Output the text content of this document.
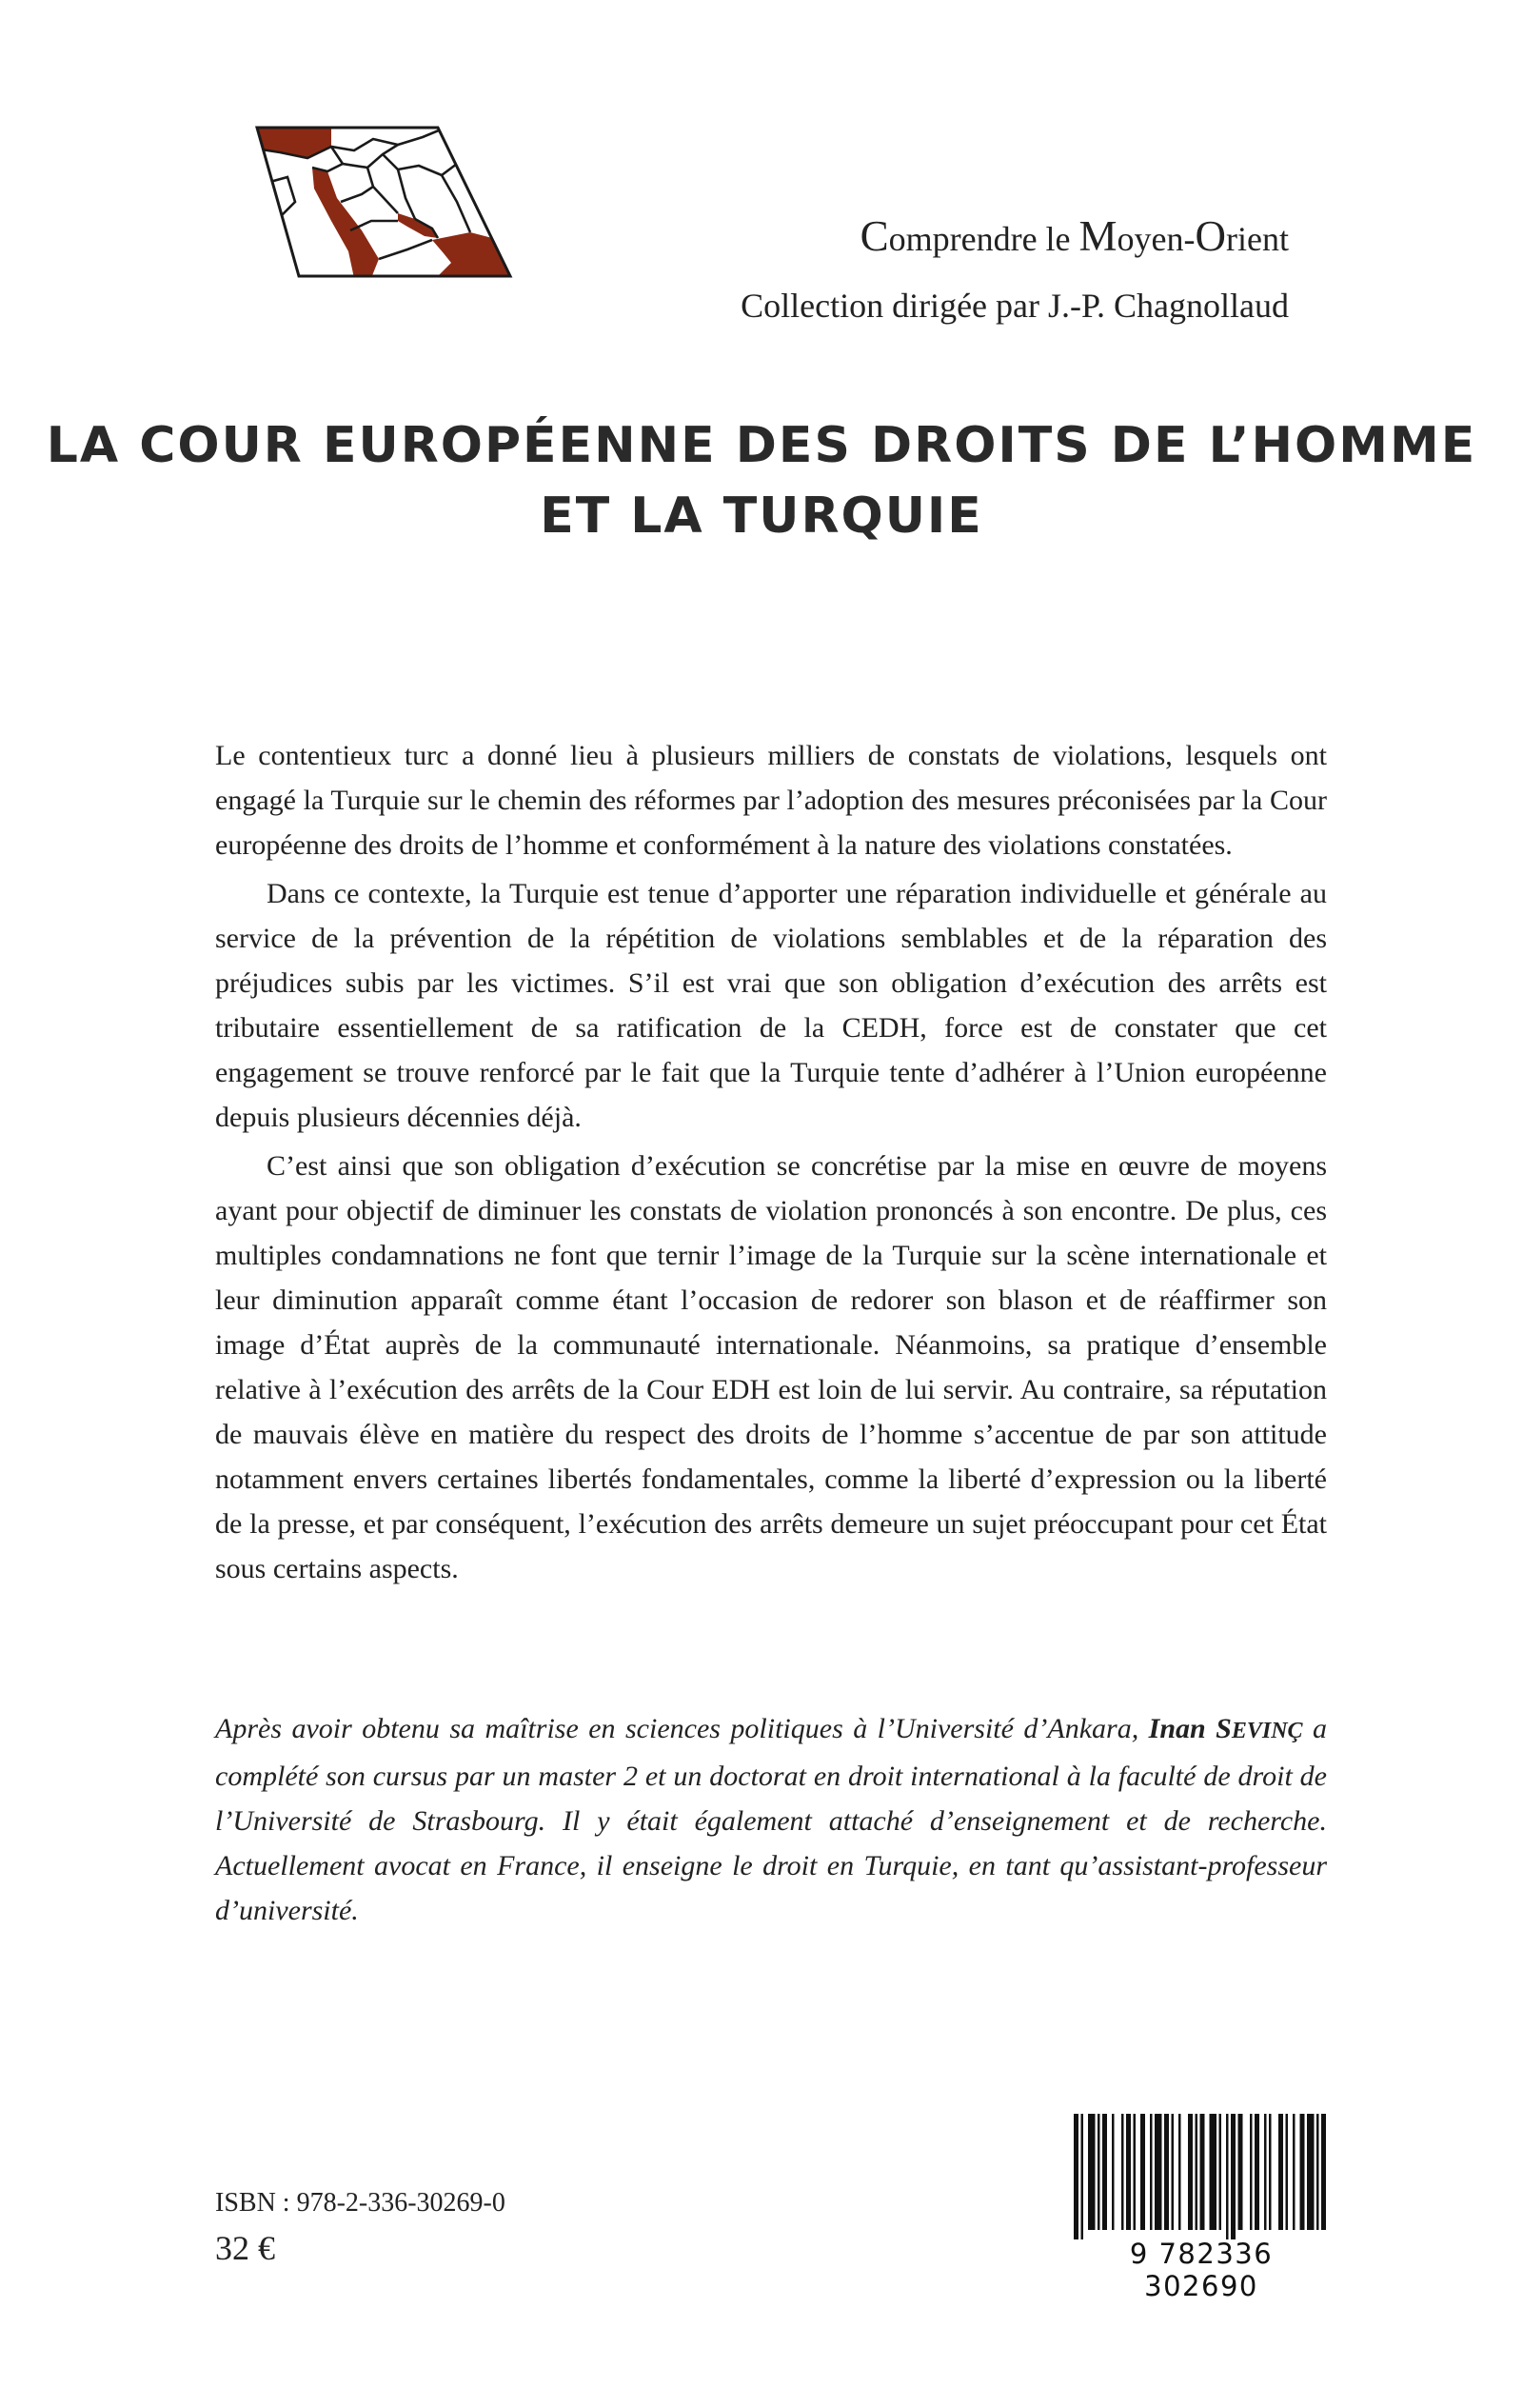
Comprendre le Moyen-Orient
Collection dirigée par J.-P. Chagnollaud
LA COUR EUROPÉENNE DES DROITS DE L’HOMME
ET LA TURQUIE

Le contentieux turc a donné lieu à plusieurs milliers de constats de violations, lesquels ont engagé la Turquie sur le chemin des réformes par l’adoption des mesures préconisées par la Cour européenne des droits de l’homme et conformément à la nature des violations constatées.

Dans ce contexte, la Turquie est tenue d’apporter une réparation individuelle et générale au service de la prévention de la répétition de violations semblables et de la réparation des préjudices subis par les victimes. S’il est vrai que son obligation d’exécution des arrêts est tributaire essentiellement de sa ratification de la CEDH, force est de constater que cet engagement se trouve renforcé par le fait que la Turquie tente d’adhérer à l’Union européenne depuis plusieurs décennies déjà.

C’est ainsi que son obligation d’exécution se concrétise par la mise en œuvre de moyens ayant pour objectif de diminuer les constats de violation prononcés à son encontre. De plus, ces multiples condamnations ne font que ternir l’image de la Turquie sur la scène internationale et leur diminution apparaît comme étant l’occasion de redorer son blason et de réaffirmer son image d’État auprès de la communauté internationale. Néanmoins, sa pratique d’ensemble relative à l’exécution des arrêts de la Cour EDH est loin de lui servir. Au contraire, sa réputation de mauvais élève en matière du respect des droits de l’homme s’accentue de par son attitude notamment envers certaines libertés fondamentales, comme la liberté d’expression ou la liberté de la presse, et par conséquent, l’exécution des arrêts demeure un sujet préoccupant pour cet État sous certains aspects.

Après avoir obtenu sa maîtrise en sciences politiques à l’Université d’Ankara, Inan SEVINÇ a complété son cursus par un master 2 et un doctorat en droit international à la faculté de droit de l’Université de Strasbourg. Il y était également attaché d’enseignement et de recherche. Actuellement avocat en France, il enseigne le droit en Turquie, en tant qu’assistant-professeur d’université.
ISBN : 978-2-336-30269-0
32 €	9 782336 302690
